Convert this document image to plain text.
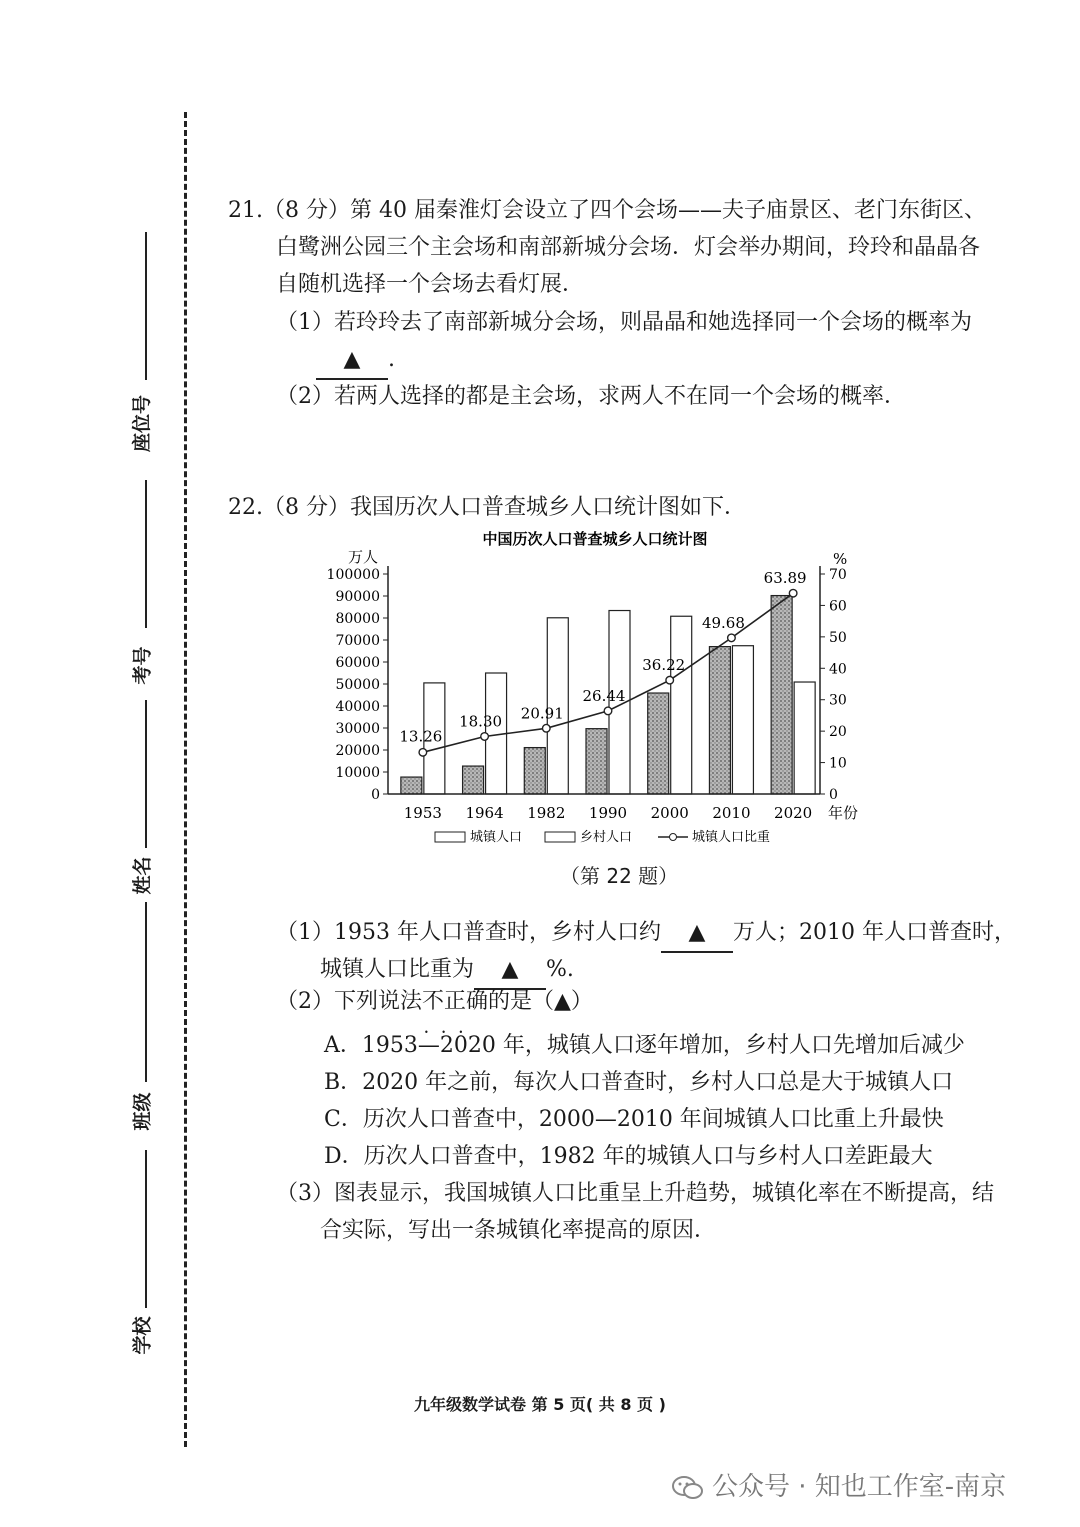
座位号
考号
姓名
班级
学校
21.（8 分）第 40 届秦淮灯会设立了四个会场——夫子庙景区、老门东街区、
白鹭洲公园三个主会场和南部新城分会场．灯会举办期间，玲玲和晶晶各
自随机选择一个会场去看灯展．
（1）若玲玲去了南部新城分会场，则晶晶和她选择同一个会场的概率为
▲ .
（2）若两人选择的都是主会场，求两人不在同一个会场的概率．
22.（8 分）我国历次人口普查城乡人口统计图如下．
中国历次人口普查城乡人口统计图
万人	%
13.26
18.30 20.91
26.44
36.22
49.68
63.89
0
10000
20000
30000
40000
50000
60000
70000
80000
90000
100000
0
10
20
30
40
50
60
70
1953 1964 1982 1990 2000 2010 2020 年份
城镇人口	乡村人口	城镇人口比重
（第 22 题）
（1）1953 年人口普查时，乡村人口约 ▲ 万人；2010 年人口普查时，
城镇人口比重为 ▲ %.
（2）下列说法不正确 • • •的是（▲）
A．1953—2020 年，城镇人口逐年增加，乡村人口先增加后减少
B．2020 年之前，每次人口普查时，乡村人口总是大于城镇人口
C．历次人口普查中，2000—2010 年间城镇人口比重上升最快
D．历次人口普查中，1982 年的城镇人口与乡村人口差距最大
（3）图表显示，我国城镇人口比重呈上升趋势，城镇化率在不断提高，结
合实际，写出一条城镇化率提高的原因．
九年级数学试卷 第 5 页( 共 8 页 )
公众号 · 知也工作室-南京
